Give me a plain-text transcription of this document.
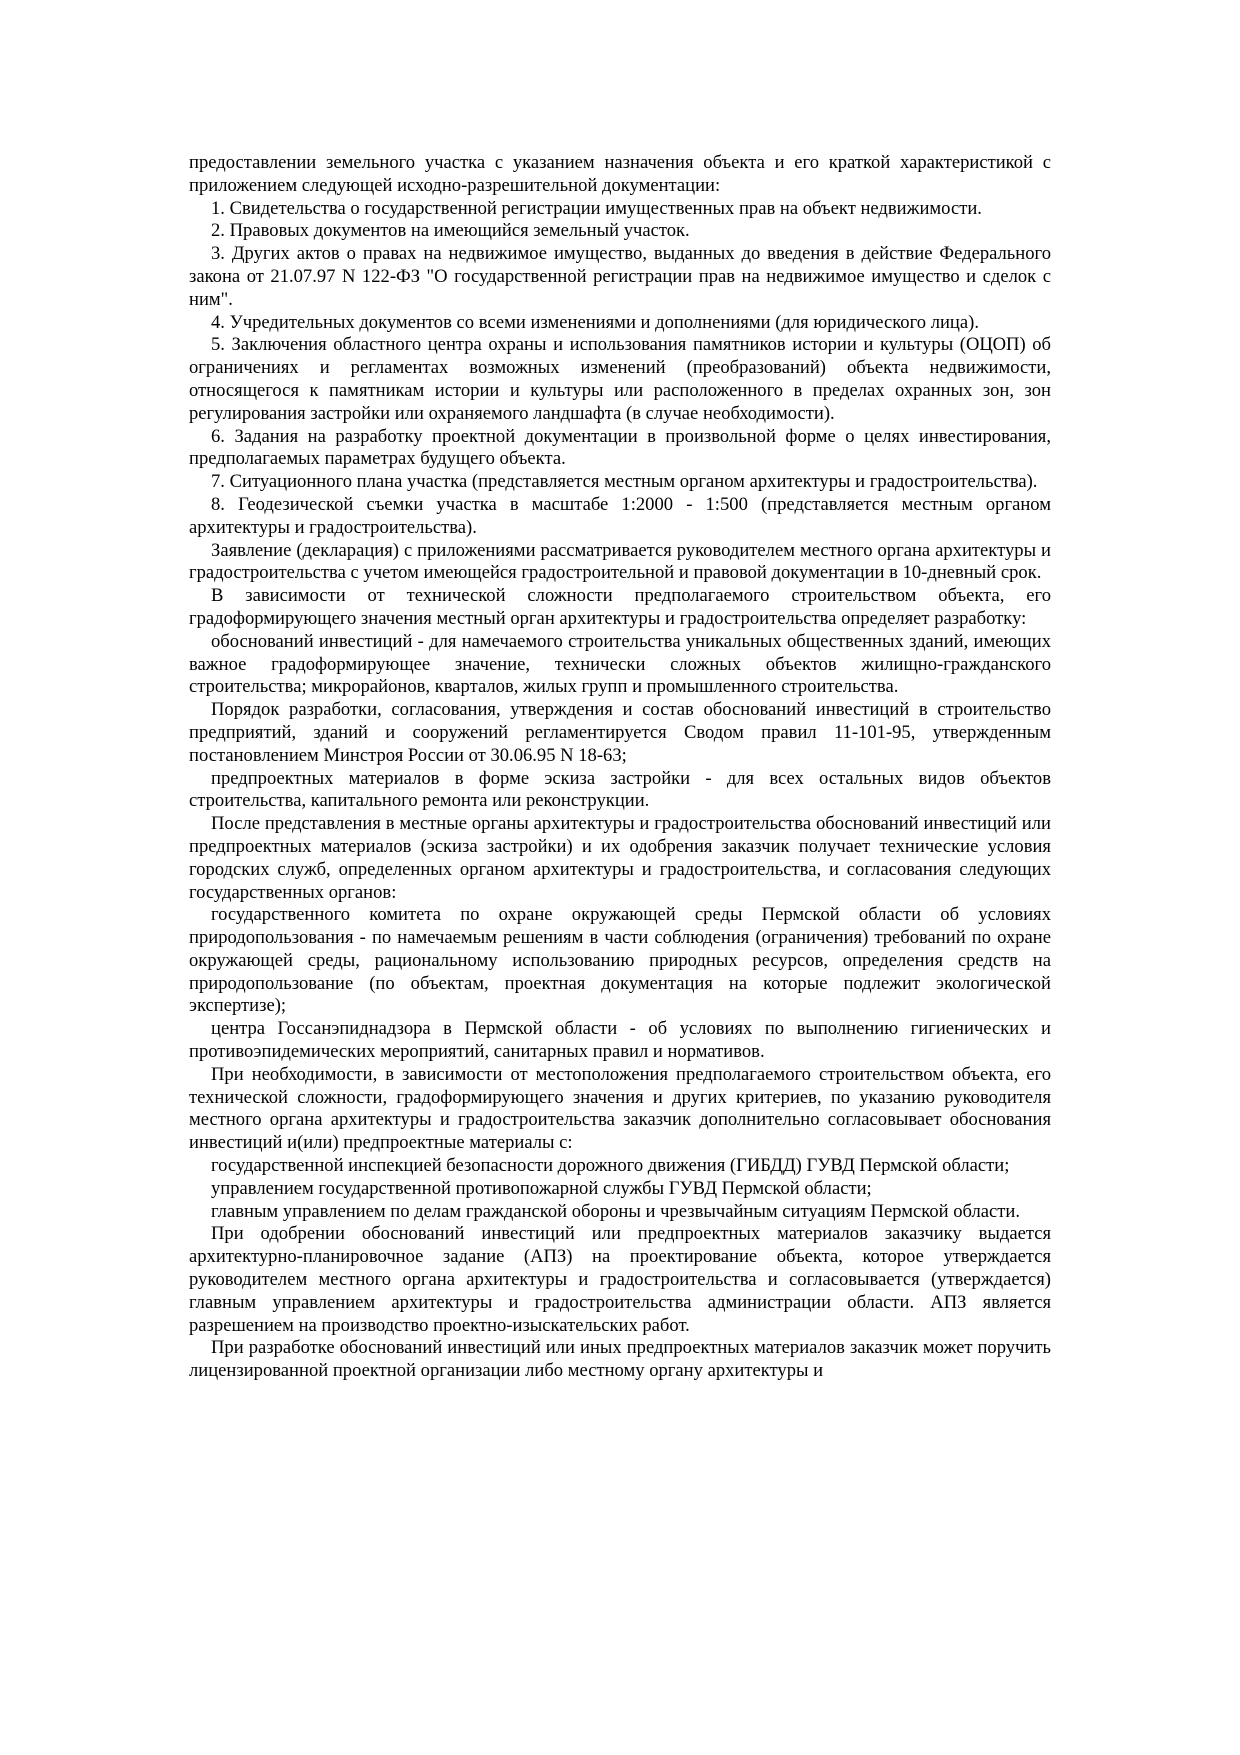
предоставлении земельного участка с указанием назначения объекта и его краткой характеристикой с приложением следующей исходно-разрешительной документации:

1. Свидетельства о государственной регистрации имущественных прав на объект недвижимости.

2. Правовых документов на имеющийся земельный участок.

3. Других актов о правах на недвижимое имущество, выданных до введения в действие Федерального закона от 21.07.97 N 122-ФЗ "О государственной регистрации прав на недвижимое имущество и сделок с ним".

4. Учредительных документов со всеми изменениями и дополнениями (для юридического лица).

5. Заключения областного центра охраны и использования памятников истории и культуры (ОЦОП) об ограничениях и регламентах возможных изменений (преобразований) объекта недвижимости, относящегося к памятникам истории и культуры или расположенного в пределах охранных зон, зон регулирования застройки или охраняемого ландшафта (в случае необходимости).

6. Задания на разработку проектной документации в произвольной форме о целях инвестирования, предполагаемых параметрах будущего объекта.

7. Ситуационного плана участка (представляется местным органом архитектуры и градостроительства).

8. Геодезической съемки участка в масштабе 1:2000 - 1:500 (представляется местным органом архитектуры и градостроительства).

Заявление (декларация) с приложениями рассматривается руководителем местного органа архитектуры и градостроительства с учетом имеющейся градостроительной и правовой документации в 10-дневный срок.

В зависимости от технической сложности предполагаемого строительством объекта, его градоформирующего значения местный орган архитектуры и градостроительства определяет разработку:

обоснований инвестиций - для намечаемого строительства уникальных общественных зданий, имеющих важное градоформирующее значение, технически сложных объектов жилищно-гражданского строительства; микрорайонов, кварталов, жилых групп и промышленного строительства.

Порядок разработки, согласования, утверждения и состав обоснований инвестиций в строительство предприятий, зданий и сооружений регламентируется Сводом правил 11-101-95, утвержденным постановлением Минстроя России от 30.06.95 N 18-63;

предпроектных материалов в форме эскиза застройки - для всех остальных видов объектов строительства, капитального ремонта или реконструкции.

После представления в местные органы архитектуры и градостроительства обоснований инвестиций или предпроектных материалов (эскиза застройки) и их одобрения заказчик получает технические условия городских служб, определенных органом архитектуры и градостроительства, и согласования следующих государственных органов:

государственного комитета по охране окружающей среды Пермской области об условиях природопользования - по намечаемым решениям в части соблюдения (ограничения) требований по охране окружающей среды, рациональному использованию природных ресурсов, определения средств на природопользование (по объектам, проектная документация на которые подлежит экологической экспертизе);

центра Госсанэпиднадзора в Пермской области - об условиях по выполнению гигиенических и противоэпидемических мероприятий, санитарных правил и нормативов.

При необходимости, в зависимости от местоположения предполагаемого строительством объекта, его технической сложности, градоформирующего значения и других критериев, по указанию руководителя местного органа архитектуры и градостроительства заказчик дополнительно согласовывает обоснования инвестиций и(или) предпроектные материалы с:

государственной инспекцией безопасности дорожного движения (ГИБДД) ГУВД Пермской области;

управлением государственной противопожарной службы ГУВД Пермской области;

главным управлением по делам гражданской обороны и чрезвычайным ситуациям Пермской области.

При одобрении обоснований инвестиций или предпроектных материалов заказчику выдается архитектурно-планировочное задание (АПЗ) на проектирование объекта, которое утверждается руководителем местного органа архитектуры и градостроительства и согласовывается (утверждается) главным управлением архитектуры и градостроительства администрации области. АПЗ является разрешением на производство проектно-изыскательских работ.

При разработке обоснований инвестиций или иных предпроектных материалов заказчик может поручить лицензированной проектной организации либо местному органу архитектуры и
